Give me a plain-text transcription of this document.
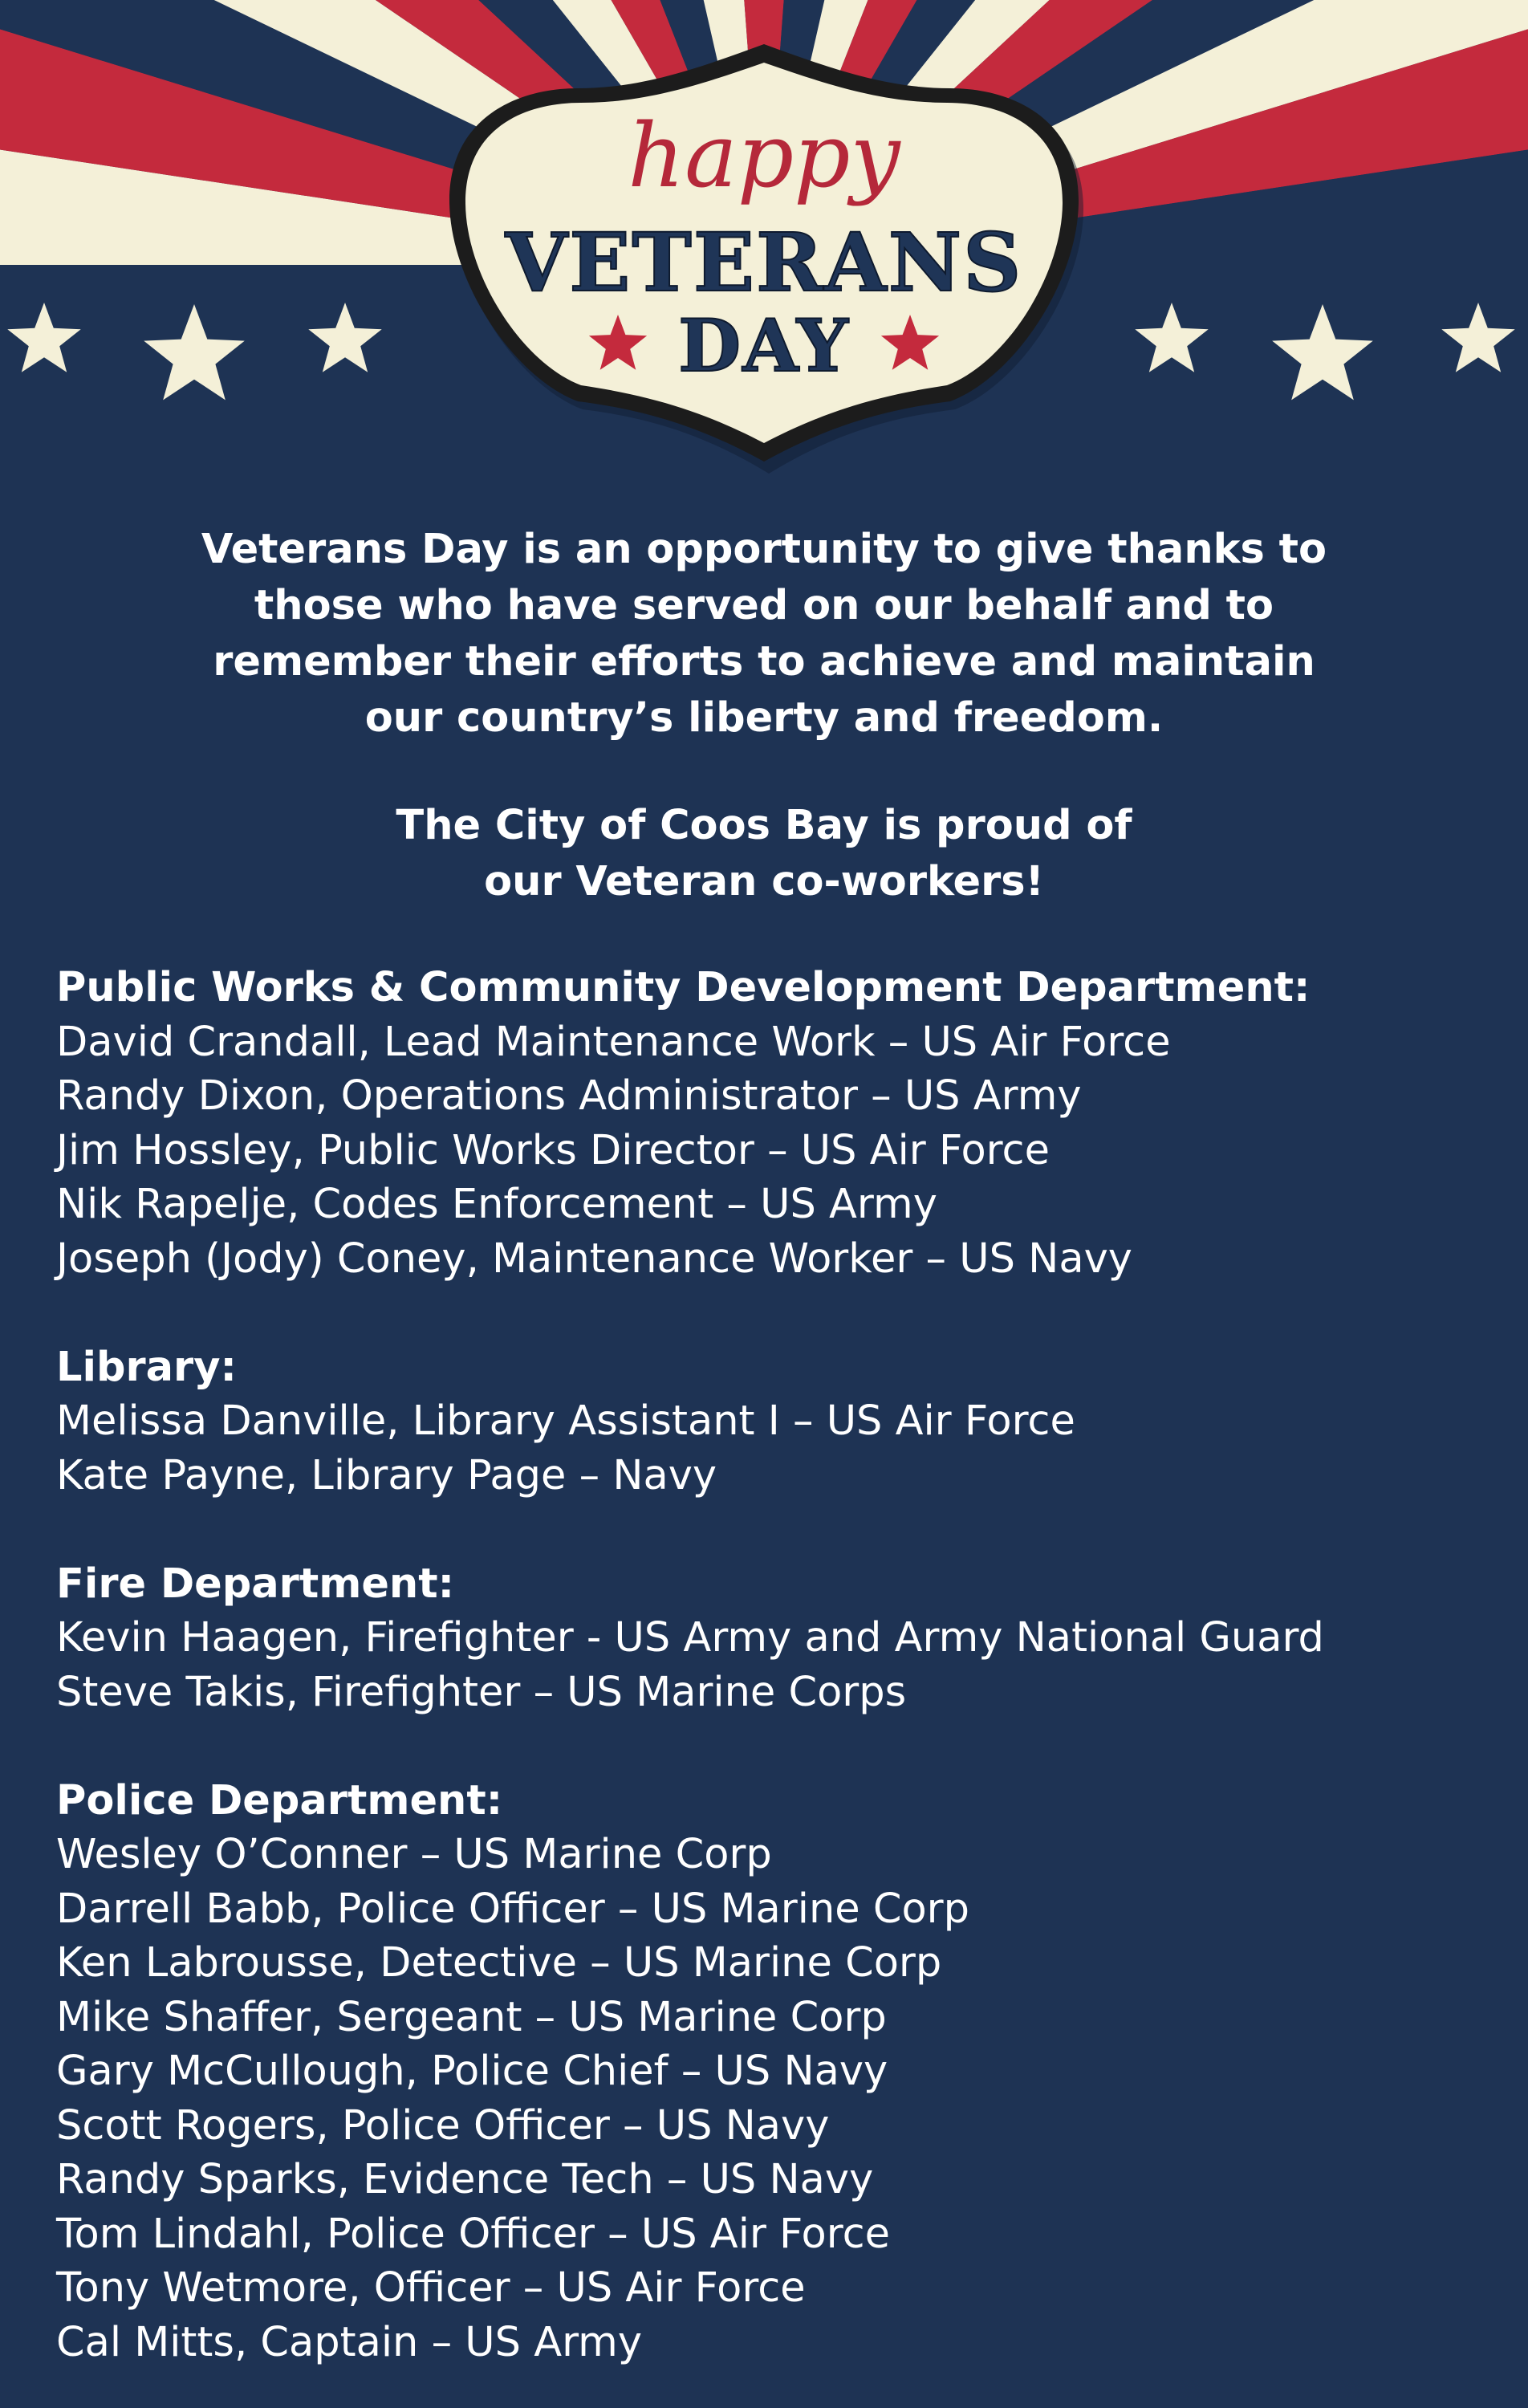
happy
VETERANS
DAY

Veterans Day is an opportunity to give thanks to

those who have served on our behalf and to

remember their efforts to achieve and maintain

our country’s liberty and freedom.

The City of Coos Bay is proud of

our Veteran co-workers!

Public Works & Community Development Department:
David Crandall, Lead Maintenance Work – US Air Force
Randy Dixon, Operations Administrator – US Army
Jim Hossley, Public Works Director – US Air Force
Nik Rapelje, Codes Enforcement – US Army
Joseph (Jody) Coney, Maintenance Worker – US Navy
Library:
Melissa Danville, Library Assistant I – US Air Force
Kate Payne, Library Page – Navy
Fire Department:
Kevin Haagen, Firefighter - US Army and Army National Guard
Steve Takis, Firefighter – US Marine Corps
Police Department:
Wesley O’Conner – US Marine Corp
Darrell Babb, Police Officer – US Marine Corp
Ken Labrousse, Detective – US Marine Corp
Mike Shaffer, Sergeant – US Marine Corp
Gary McCullough, Police Chief – US Navy
Scott Rogers, Police Officer – US Navy
Randy Sparks, Evidence Tech – US Navy
Tom Lindahl, Police Officer – US Air Force
Tony Wetmore, Officer – US Air Force
Cal Mitts, Captain – US Army
